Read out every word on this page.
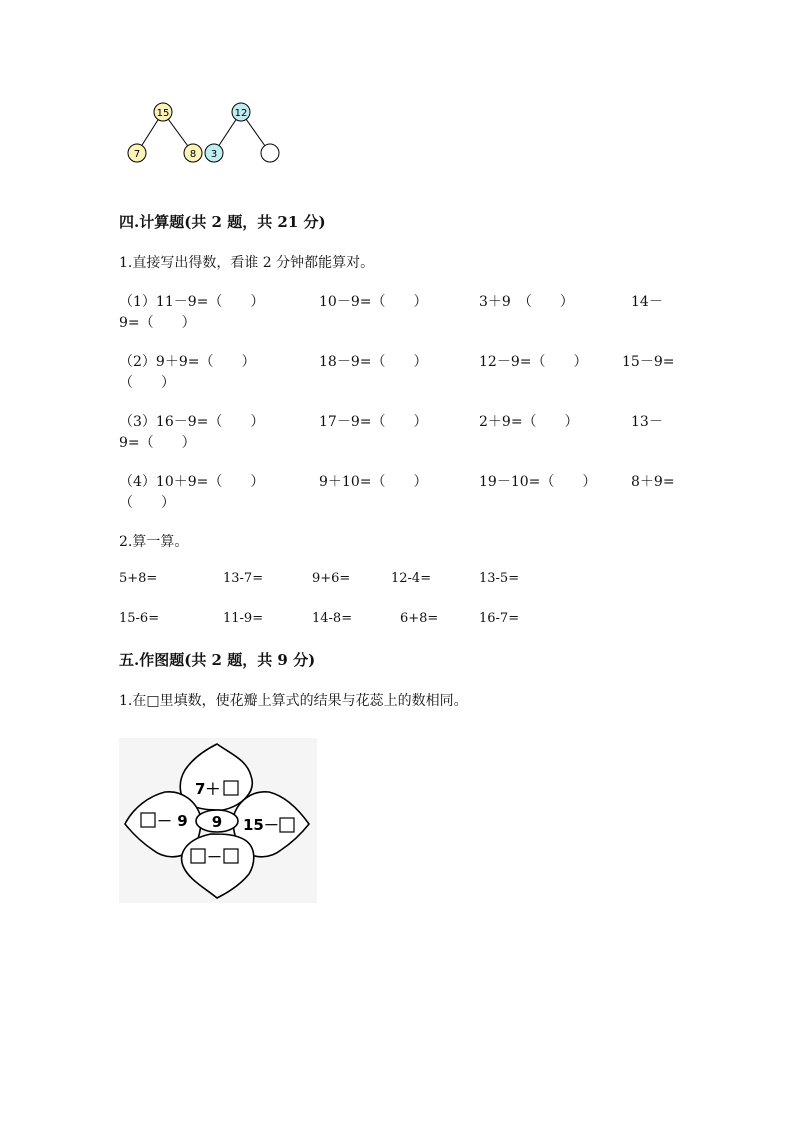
15
7	8
12
3
四.计算题(共 2 题，共 21 分)
1.直接写出得数，看谁 2 分钟都能算对。
（1）11－9=（　　）	10－9=（　　）	3＋9　（　　）	14－
9=（　　）
（2）9＋9=（　　）	18－9=（　　）	12－9=（　　） 15－9=
（　　）
（3）16－9=（　　）	17－9=（　　）	2＋9=（　　）	13－
9=（　　）
（4）10＋9=（　　）	9＋10=（　　）	19－10=（　　） 8＋9=
（　　）
2.算一算。
5+8=	13-7=	9+6=	12-4=	13-5=
15-6=	11-9=	14-8=	6+8=	16-7=
五.作图题(共 2 题，共 9 分)
1.在□里填数，使花瓣上算式的结果与花蕊上的数相同。
9
7＋
－ 9	15－
－
